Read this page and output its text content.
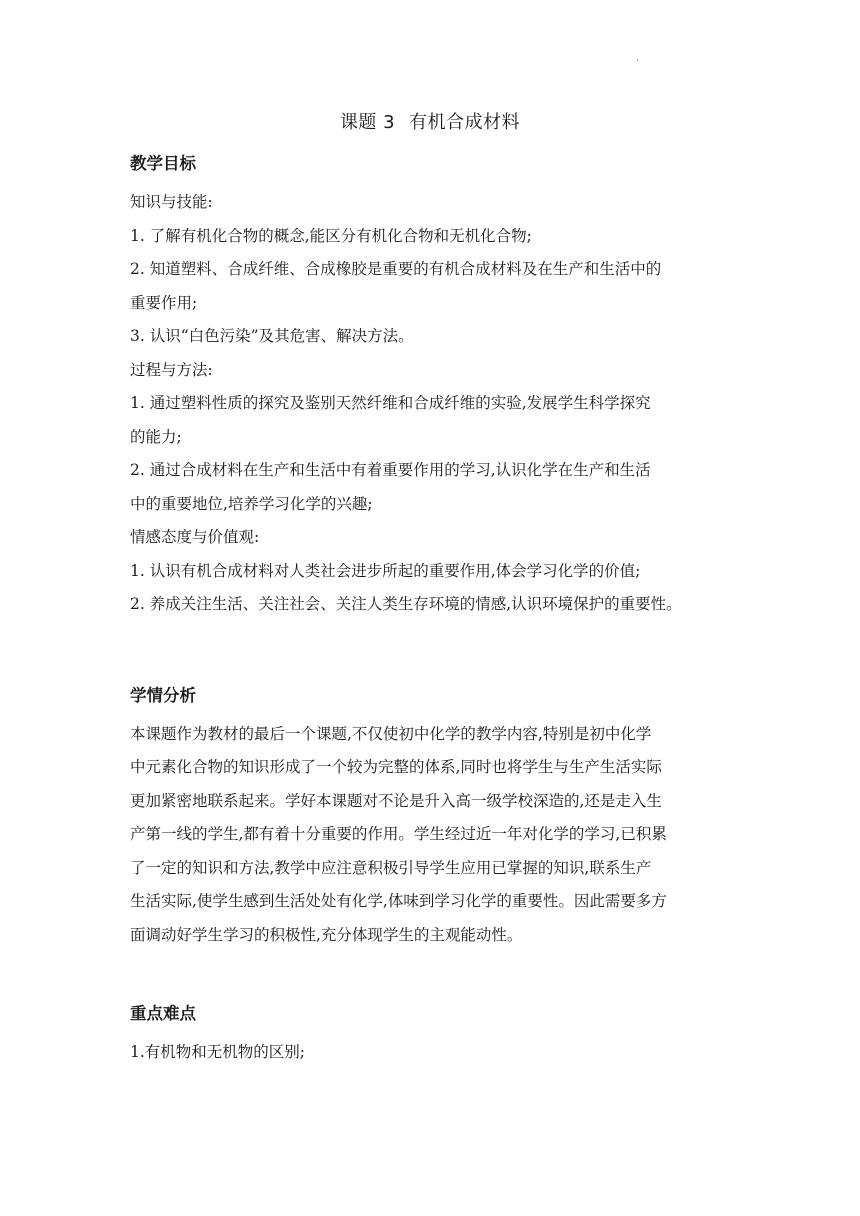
·
课题 3 有机合成材料

教学目标

知识与技能:

1. 了解有机化合物的概念,能区分有机化合物和无机化合物;

2. 知道塑料、合成纤维、合成橡胶是重要的有机合成材料及在生产和生活中的

重要作用;

3. 认识“白色污染”及其危害、解决方法。

过程与方法:

1. 通过塑料性质的探究及鉴别天然纤维和合成纤维的实验,发展学生科学探究

的能力;

2. 通过合成材料在生产和生活中有着重要作用的学习,认识化学在生产和生活

中的重要地位,培养学习化学的兴趣;

情感态度与价值观:

1. 认识有机合成材料对人类社会进步所起的重要作用,体会学习化学的价值;

2. 养成关注生活、关注社会、关注人类生存环境的情感,认识环境保护的重要性。

学情分析

本课题作为教材的最后一个课题,不仅使初中化学的教学内容,特别是初中化学

中元素化合物的知识形成了一个较为完整的体系,同时也将学生与生产生活实际

更加紧密地联系起来。学好本课题对不论是升入高一级学校深造的,还是走入生

产第一线的学生,都有着十分重要的作用。学生经过近一年对化学的学习,已积累

了一定的知识和方法,教学中应注意积极引导学生应用已掌握的知识,联系生产

生活实际,使学生感到生活处处有化学,体味到学习化学的重要性。因此需要多方

面调动好学生学习的积极性,充分体现学生的主观能动性。

重点难点

1.有机物和无机物的区别;
